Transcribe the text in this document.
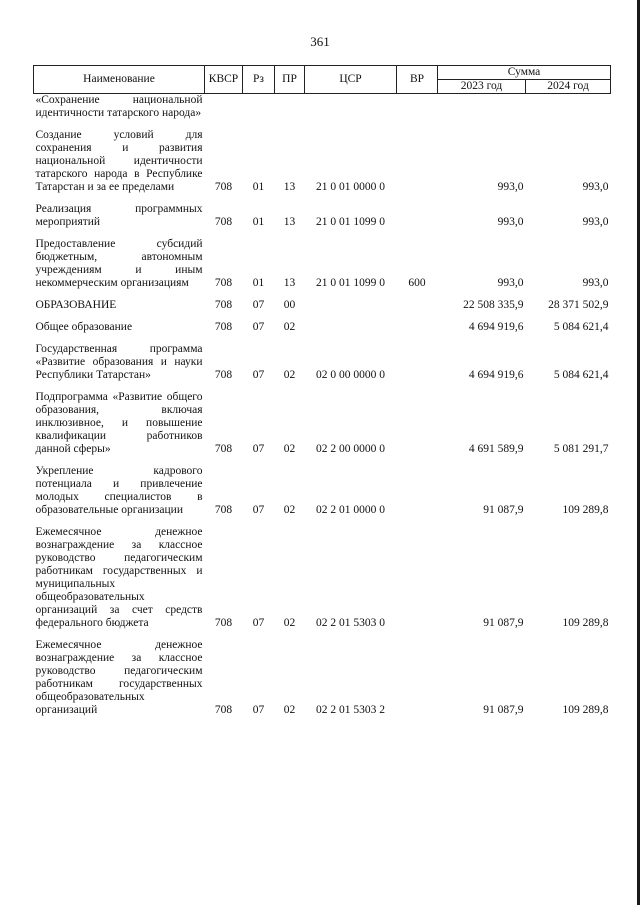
361
Наименование	КВСР	Рз	ПР	ЦСР	ВР	Сумма	
						2023 год	2024 год
«Сохранение национальной идентичности татарского народа»							

Создание условий для сохранения и развития национальной идентичности татарского народа в Республике Татарстан и за ее пределами	708	01	13	21 0 01 0000 0		993,0	993,0

Реализация программных мероприятий	708	01	13	21 0 01 1099 0		993,0	993,0

Предоставление субсидий бюджетным, автономным учреждениям и иным некоммерческим организациям	708	01	13	21 0 01 1099 0	600	993,0	993,0

ОБРАЗОВАНИЕ	708	07	00			22 508 335,9	28 371 502,9

Общее образование	708	07	02			4 694 919,6	5 084 621,4

Государственная программа «Развитие образования и науки Республики Татарстан»	708	07	02	02 0 00 0000 0		4 694 919,6	5 084 621,4

Подпрограмма «Развитие общего образования, включая инклюзивное, и повышение квалификации работников данной сферы»	708	07	02	02 2 00 0000 0		4 691 589,9	5 081 291,7

Укрепление кадрового потенциала и привлечение молодых специалистов в образовательные организации	708	07	02	02 2 01 0000 0		91 087,9	109 289,8

Ежемесячное денежное вознаграждение за классное руководство педагогическим работникам государственных и муниципальных общеобразовательных организаций за счет средств федерального бюджета	708	07	02	02 2 01 5303 0		91 087,9	109 289,8

Ежемесячное денежное вознаграждение за классное руководство педагогическим работникам государственных общеобразовательных организаций	708	07	02	02 2 01 5303 2		91 087,9	109 289,8
